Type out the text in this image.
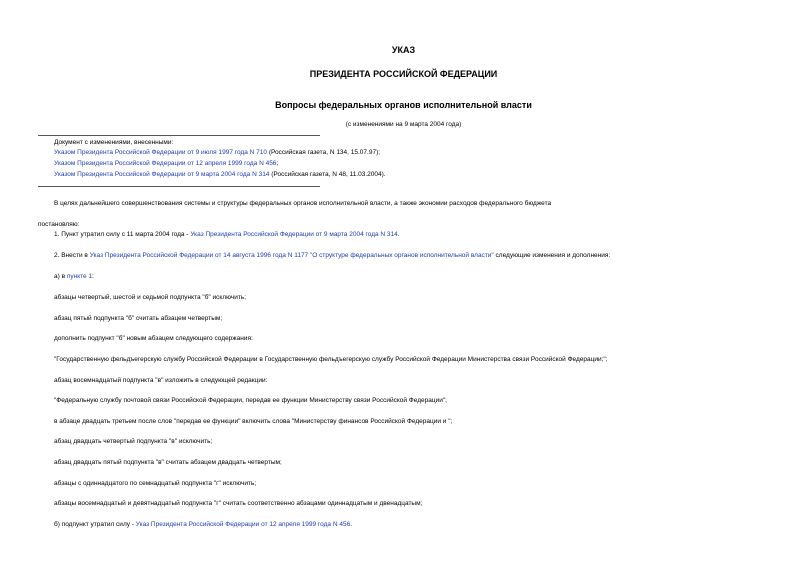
УКАЗ
ПРЕЗИДЕНТА РОССИЙСКОЙ ФЕДЕРАЦИИ
Вопросы федеральных органов исполнительной власти
(с изменениями на 9 марта 2004 года)
Документ с изменениями, внесенными:
Указом Президента Российской Федерации от 9 июля 1997 года N 710 (Российская газета, N 134, 15.07.97);
Указом Президента Российской Федерации от 12 апреля 1999 года N 456;
Указом Президента Российской Федерации от 9 марта 2004 года N 314 (Российская газета, N 48, 11.03.2004).
В целях дальнейшего совершенствования системы и структуры федеральных органов исполнительной власти, а также экономии расходов федерального бюджета
постановляю:
1. Пункт утратил силу с 11 марта 2004 года - Указ Президента Российской Федерации от 9 марта 2004 года N 314.
2. Внести в Указ Президента Российской Федерации от 14 августа 1996 года N 1177 "О структуре федеральных органов исполнительной власти" следующие изменения и дополнения:
а) в пункте 1:
абзацы четвертый, шестой и седьмой подпункта "б" исключить;
абзац пятый подпункта "б" считать абзацем четвертым;
дополнить подпункт "б" новым абзацем следующего содержания:
"Государственную фельдъегерскую службу Российской Федерации в Государственную фельдъегерскую службу Российской Федерации Министерства связи Российской Федерации;";
абзац восемнадцатый подпункта "в" изложить в следующей редакции:
"Федеральную службу почтовой связи Российской Федерации, передав ее функции Министерству связи Российской Федерации";
в абзаце двадцать третьем после слов "передав ее функции" включить слова "Министерству финансов Российской Федерации и ";
абзац двадцать четвертый подпункта "в" исключить;
абзац двадцать пятый подпункта "в" считать абзацем двадцать четвертым;
абзацы с одиннадцатого по семнадцатый подпункта "г" исключить;
абзацы восемнадцатый и девятнадцатый подпункта "г" считать соответственно абзацами одиннадцатым и двенадцатым;
б) подпункт утратил силу - Указ Президента Российской Федерации от 12 апреля 1999 года N 456.
